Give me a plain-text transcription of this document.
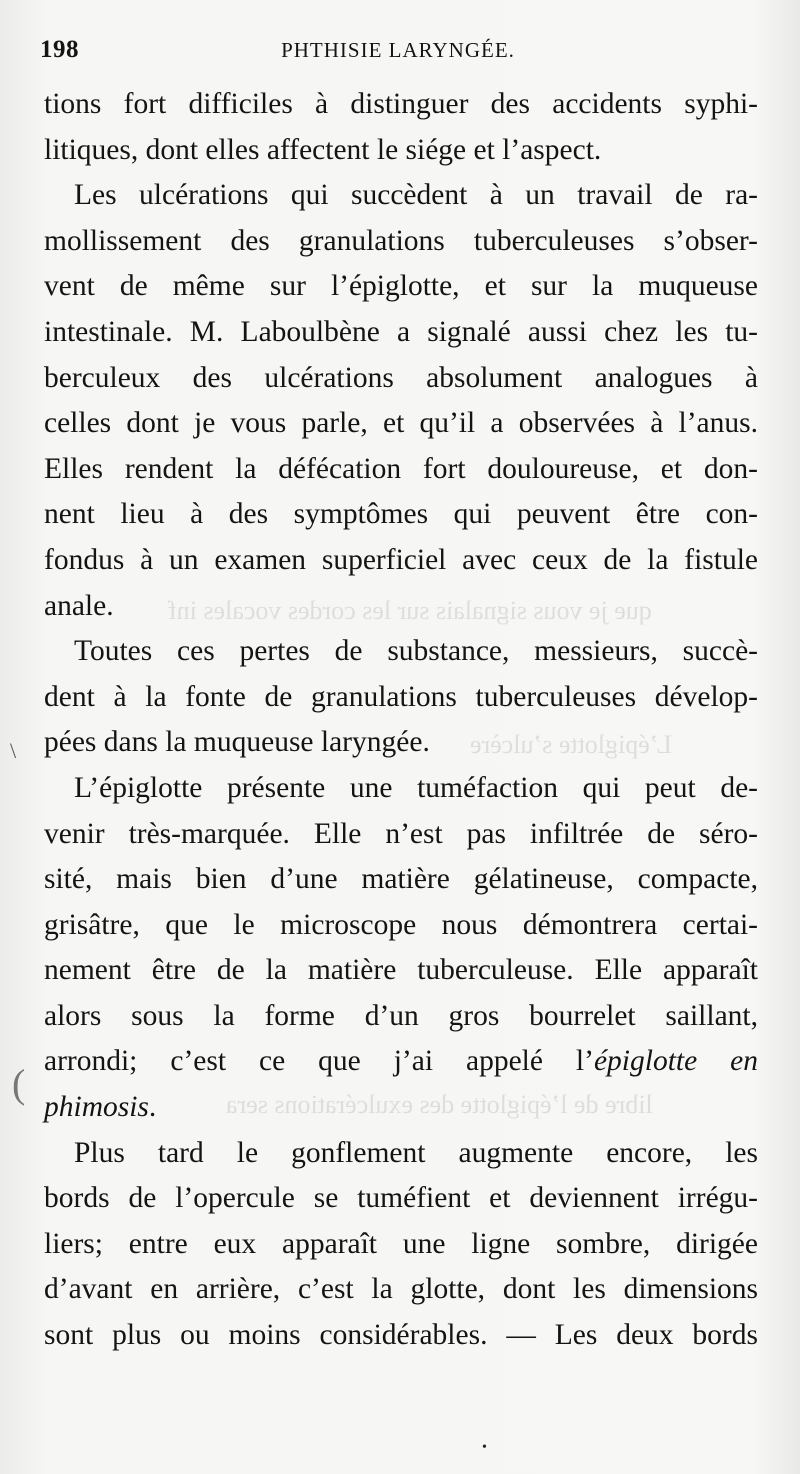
que je vous signalais sur les cordes vocales inf
L’épiglotte s’ulcère
libre de l’épiglotte des exulcérations sera
198	PHTHISIE LARYNGÉE.
tions fort difficiles à distinguer des accidents syphi-
litiques, dont elles affectent le siége et l’aspect.
Les ulcérations qui succèdent à un travail de ra-
mollissement des granulations tuberculeuses s’obser-
vent de même sur l’épiglotte, et sur la muqueuse
intestinale. M. Laboulbène a signalé aussi chez les tu-
berculeux des ulcérations absolument analogues à
celles dont je vous parle, et qu’il a observées à l’anus.
Elles rendent la défécation fort douloureuse, et don-
nent lieu à des symptômes qui peuvent être con-
fondus à un examen superficiel avec ceux de la fistule
anale.
Toutes ces pertes de substance, messieurs, succè-
dent à la fonte de granulations tuberculeuses dévelop-
pées dans la muqueuse laryngée.
L’épiglotte présente une tuméfaction qui peut de-
venir très-marquée. Elle n’est pas infiltrée de séro-
sité, mais bien d’une matière gélatineuse, compacte,
grisâtre, que le microscope nous démontrera certai-
nement être de la matière tuberculeuse. Elle apparaît
alors sous la forme d’un gros bourrelet saillant,
arrondi; c’est ce que j’ai appelé l’épiglotte en
phimosis.
Plus tard le gonflement augmente encore, les
bords de l’opercule se tuméfient et deviennent irrégu-
liers; entre eux apparaît une ligne sombre, dirigée
d’avant en arrière, c’est la glotte, dont les dimensions
sont plus ou moins considérables. — Les deux bords
\
(
•
